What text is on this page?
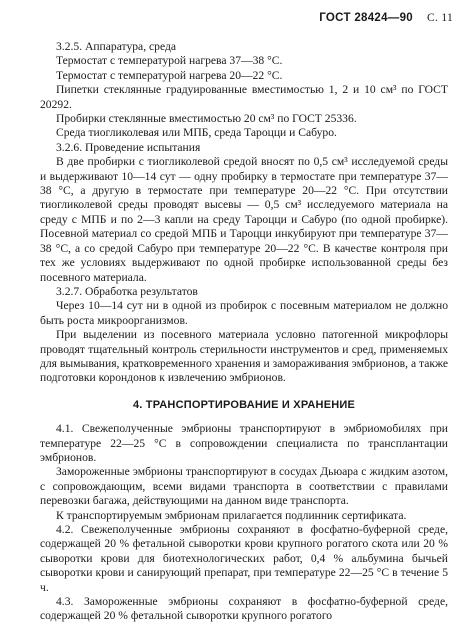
ГОСТ 28424—90 С. 11

3.2.5. Аппаратура, среда

Термостат с температурой нагрева 37—38 °С.

Термостат с температурой нагрева 20—22 °С.

Пипетки стеклянные градуированные вместимостью 1, 2 и 10 см³ по ГОСТ 20292.

Пробирки стеклянные вместимостью 20 см³ по ГОСТ 25336.

Среда тиогликолевая или МПБ, среда Тароцци и Сабуро.

3.2.6. Проведение испытания

В две пробирки с тиогликолевой средой вносят по 0,5 см³ исследуемой среды и выдерживают 10—14 сут — одну пробирку в термостате при температуре 37—38 °С, а другую в термостате при температуре 20—22 °С. При отсутствии тиогликолевой среды проводят высевы — 0,5 см³ исследуемого материала на среду с МПБ и по 2—3 капли на среду Тароцци и Сабуро (по одной пробирке). Посевной материал со средой МПБ и Тароцци инкубируют при температуре 37—38 °С, а со средой Сабуро при температуре 20—22 °С. В качестве контроля при тех же условиях выдерживают по одной пробирке использованной среды без посевного материала.

3.2.7. Обработка результатов

Через 10—14 сут ни в одной из пробирок с посевным материалом не должно быть роста микроорганизмов.

При выделении из посевного материала условно патогенной микрофлоры проводят тщательный контроль стерильности инструментов и сред, применяемых для вымывания, кратковременного хранения и замораживания эмбрионов, а также подготовки корондонов к извлечению эмбрионов.

4. ТРАНСПОРТИРОВАНИЕ И ХРАНЕНИЕ

4.1. Свежеполученные эмбрионы транспортируют в эмбриомобилях при температуре 22—25 °С в сопровождении специалиста по трансплантации эмбрионов.

Замороженные эмбрионы транспортируют в сосудах Дьюара с жидким азотом, с сопровождающим, всеми видами транспорта в соответствии с правилами перевозки багажа, действующими на данном виде транспорта.

К транспортируемым эмбрионам прилагается подлинник сертификата.

4.2. Свежеполученные эмбрионы сохраняют в фосфатно-буферной среде, содержащей 20 % фетальной сыворотки крови крупного рогатого скота или 20 % сыворотки крови для биотехнологических работ, 0,4 % альбумина бычьей сыворотки крови и санирующий препарат, при температуре 22—25 °С в течение 5 ч.

4.3. Замороженные эмбрионы сохраняют в фосфатно-буферной среде, содержащей 20 % фетальной сыворотки крупного рогатого
